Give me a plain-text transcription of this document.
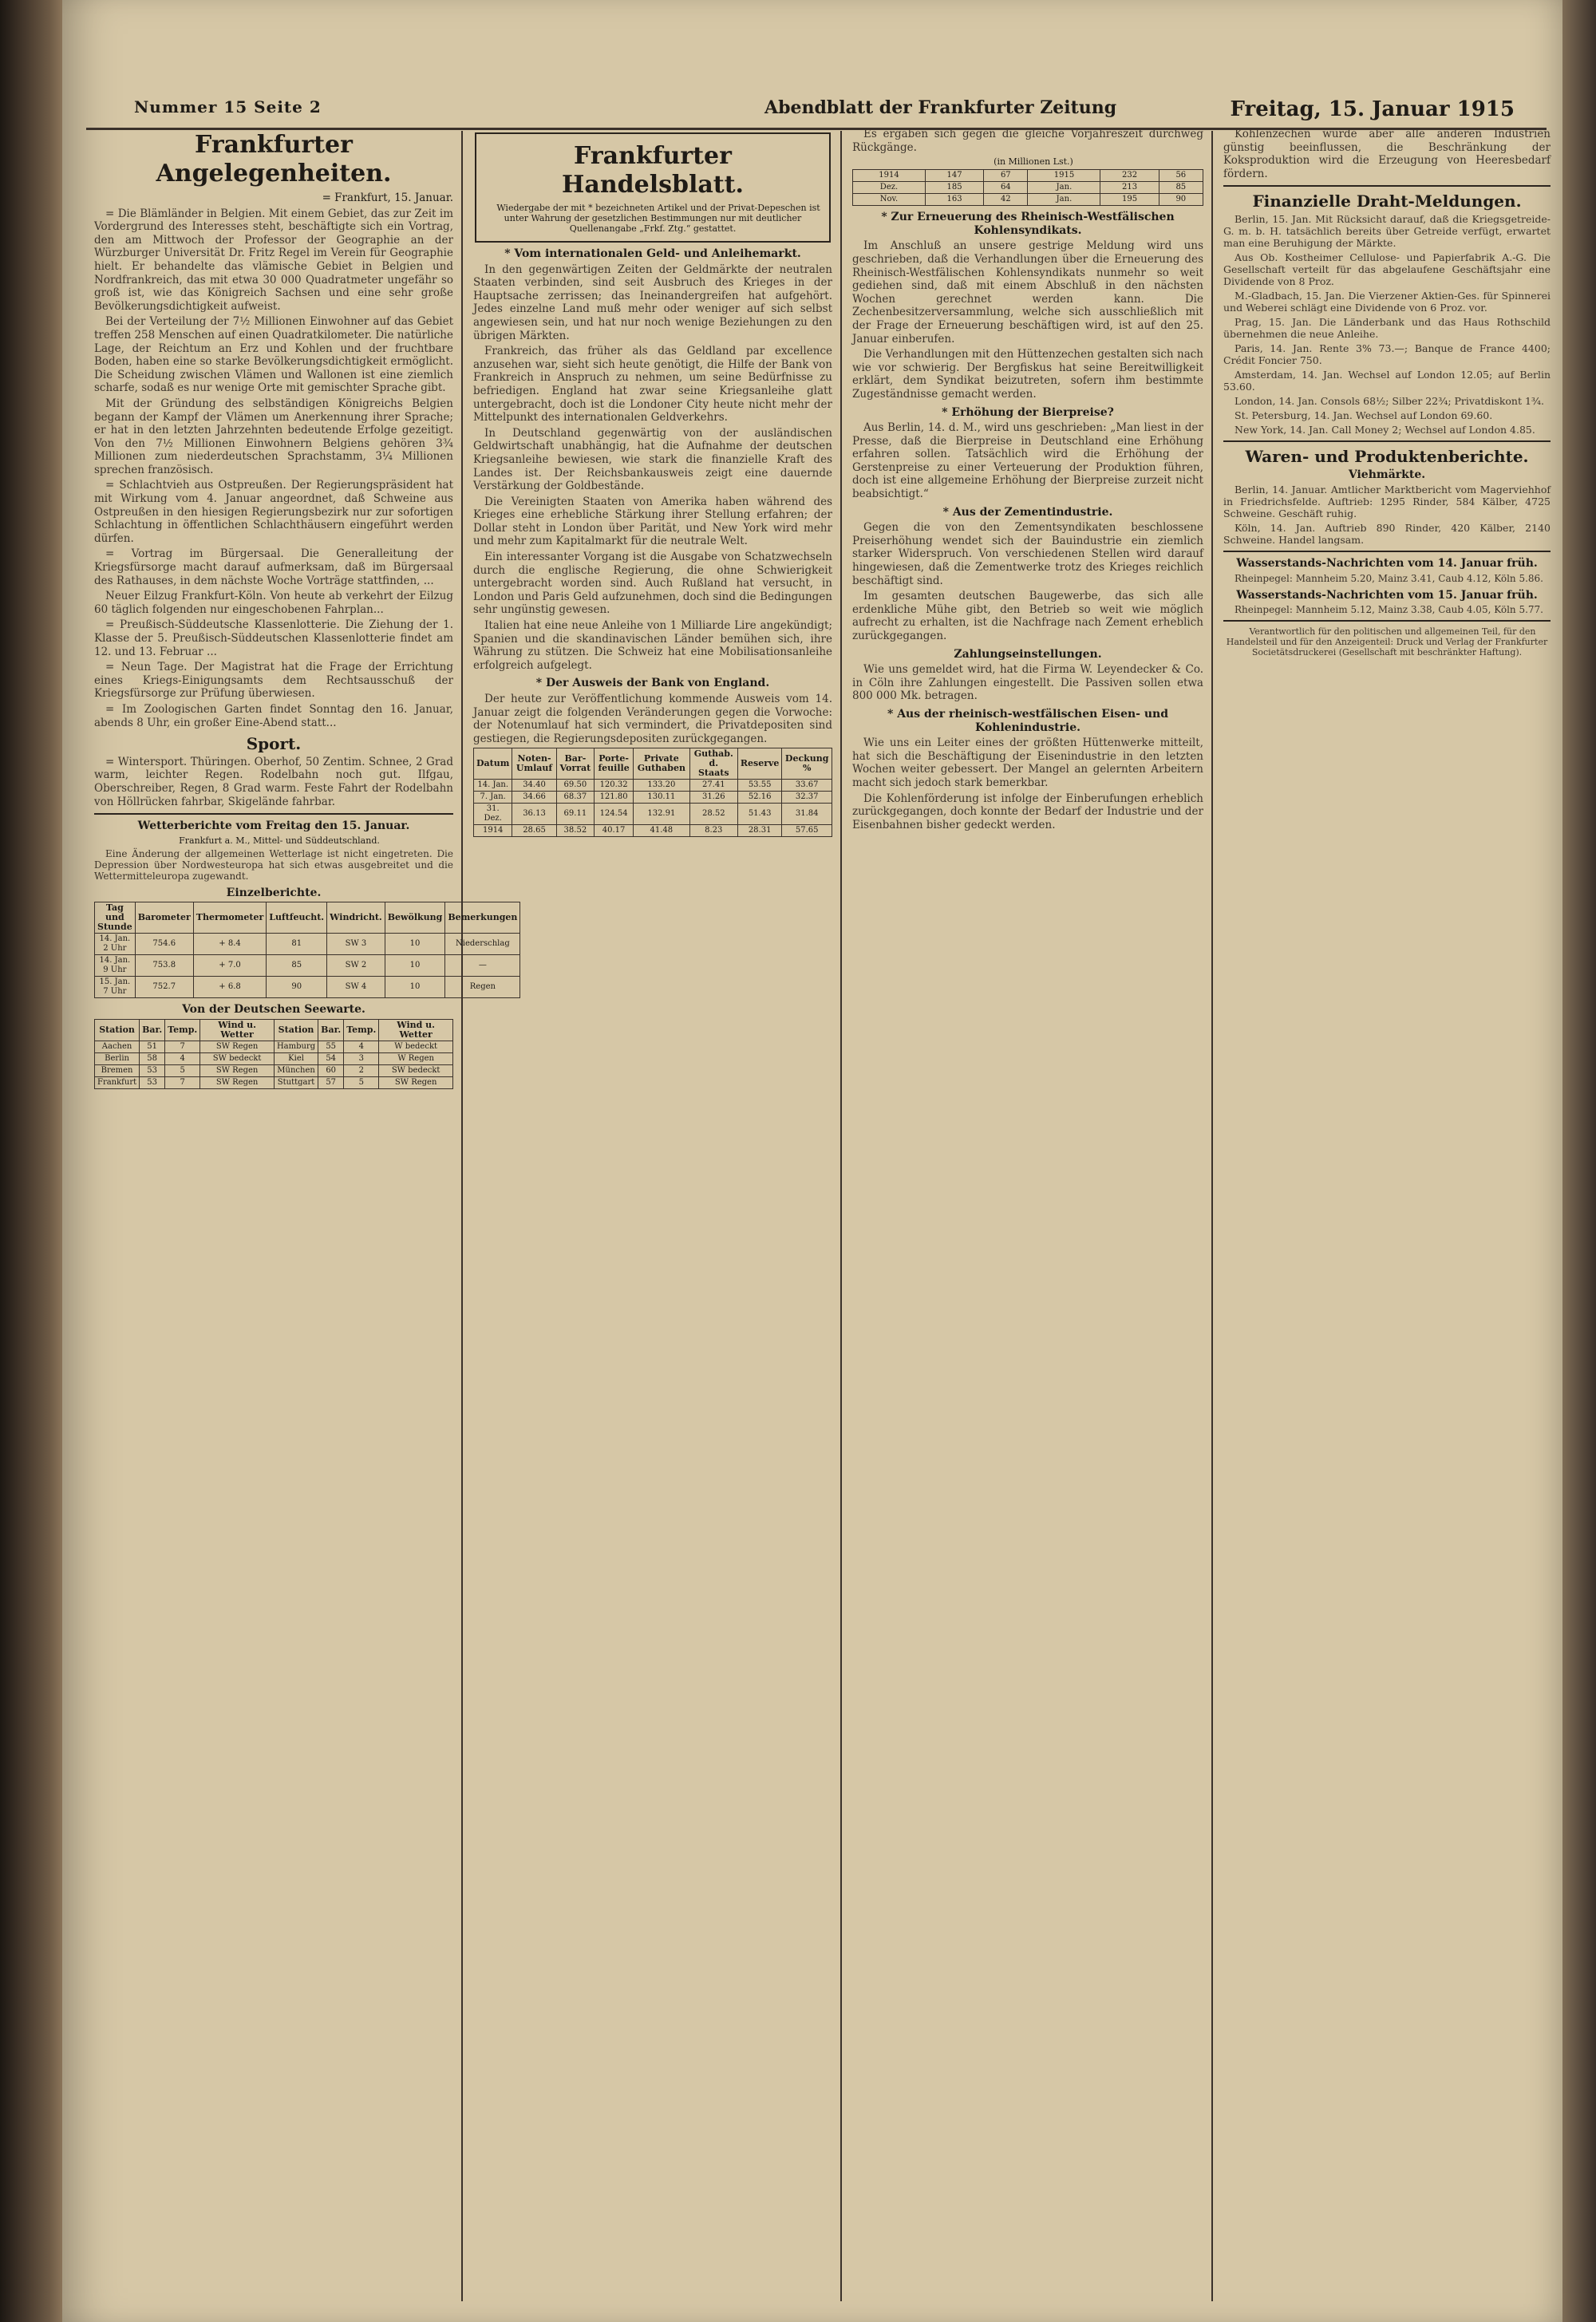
Nummer 15 Seite 2	Abendblatt der Frankfurter Zeitung	Freitag, 15. Januar 1915
Frankfurter Angelegenheiten.

= Frankfurt, 15. Januar.

= Die Blämländer in Belgien. Mit einem Gebiet, das zur Zeit im Vordergrund des Interesses steht, beschäftigte sich ein Vortrag, den am Mittwoch der Professor der Geographie an der Würzburger Universität Dr. Fritz Regel im Verein für Geographie hielt. Er behandelte das vlämische Gebiet in Belgien und Nordfrankreich, das mit etwa 30 000 Quadratmeter ungefähr so groß ist, wie das Königreich Sachsen und eine sehr große Bevölkerungsdichtigkeit aufweist.

Bei der Verteilung der 7½ Millionen Einwohner auf das Gebiet treffen 258 Menschen auf einen Quadratkilometer. Die natürliche Lage, der Reichtum an Erz und Kohlen und der fruchtbare Boden, haben eine so starke Bevölkerungsdichtigkeit ermöglicht. Die Scheidung zwischen Vlämen und Wallonen ist eine ziemlich scharfe, sodaß es nur wenige Orte mit gemischter Sprache gibt.

Mit der Gründung des selbständigen Königreichs Belgien begann der Kampf der Vlämen um Anerkennung ihrer Sprache; er hat in den letzten Jahrzehnten bedeutende Erfolge gezeitigt. Von den 7½ Millionen Einwohnern Belgiens gehören 3¾ Millionen zum niederdeutschen Sprachstamm, 3¼ Millionen sprechen französisch.

= Schlachtvieh aus Ostpreußen. Der Regierungspräsident hat mit Wirkung vom 4. Januar angeordnet, daß Schweine aus Ostpreußen in den hiesigen Regierungsbezirk nur zur sofortigen Schlachtung in öffentlichen Schlachthäusern eingeführt werden dürfen.

= Vortrag im Bürgersaal. Die Generalleitung der Kriegsfürsorge macht darauf aufmerksam, daß im Bürgersaal des Rathauses, in dem nächste Woche Vorträge stattfinden, ...

Neuer Eilzug Frankfurt-Köln. Von heute ab verkehrt der Eilzug 60 täglich folgenden nur eingeschobenen Fahrplan...

= Preußisch-Süddeutsche Klassenlotterie. Die Ziehung der 1. Klasse der 5. Preußisch-Süddeutschen Klassenlotterie findet am 12. und 13. Februar ...

= Neun Tage. Der Magistrat hat die Frage der Errichtung eines Kriegs-Einigungsamts dem Rechtsausschuß der Kriegsfürsorge zur Prüfung überwiesen.

= Im Zoologischen Garten findet Sonntag den 16. Januar, abends 8 Uhr, ein großer Eine-Abend statt...

Sport.

= Wintersport. Thüringen. Oberhof, 50 Zentim. Schnee, 2 Grad warm, leichter Regen. Rodelbahn noch gut. Ilfgau, Oberschreiber, Regen, 8 Grad warm. Feste Fahrt der Rodelbahn von Höllrücken fahrbar, Skigelände fahrbar.

Wetterberichte vom Freitag den 15. Januar.

Frankfurt a. M., Mittel- und Süddeutschland.

Eine Änderung der allgemeinen Wetterlage ist nicht eingetreten. Die Depression über Nordwesteuropa hat sich etwas ausgebreitet und die Wettermitteleuropa zugewandt.

Einzelberichte.
Tag und Stunde	Barometer	Thermometer	Luftfeucht.	Windricht.	Bewölkung	Bemerkungen
14. Jan. 2 Uhr	754.6	+ 8.4	81	SW 3	10	Niederschlag
14. Jan. 9 Uhr	753.8	+ 7.0	85	SW 2	10	—
15. Jan. 7 Uhr	752.7	+ 6.8	90	SW 4	10	Regen
Von der Deutschen Seewarte.
Station	Bar.	Temp.	Wind u. Wetter	Station	Bar.	Temp.	Wind u. Wetter
Aachen	51	7	SW Regen	Hamburg	55	4	W bedeckt
Berlin	58	4	SW bedeckt	Kiel	54	3	W Regen
Bremen	53	5	SW Regen	München	60	2	SW bedeckt
Frankfurt	53	7	SW Regen	Stuttgart	57	5	SW Regen
Frankfurter Handelsblatt.

Wiedergabe der mit * bezeichneten Artikel und der Privat-Depeschen ist unter Wahrung der gesetzlichen Bestimmungen nur mit deutlicher Quellenangabe „Frkf. Ztg.“ gestattet.

* Vom internationalen Geld- und Anleihemarkt.

In den gegenwärtigen Zeiten der Geldmärkte der neutralen Staaten verbinden, sind seit Ausbruch des Krieges in der Hauptsache zerrissen; das Ineinandergreifen hat aufgehört. Jedes einzelne Land muß mehr oder weniger auf sich selbst angewiesen sein, und hat nur noch wenige Beziehungen zu den übrigen Märkten.

Frankreich, das früher als das Geldland par excellence anzusehen war, sieht sich heute genötigt, die Hilfe der Bank von Frankreich in Anspruch zu nehmen, um seine Bedürfnisse zu befriedigen. England hat zwar seine Kriegsanleihe glatt untergebracht, doch ist die Londoner City heute nicht mehr der Mittelpunkt des internationalen Geldverkehrs.

In Deutschland gegenwärtig von der ausländischen Geldwirtschaft unabhängig, hat die Aufnahme der deutschen Kriegsanleihe bewiesen, wie stark die finanzielle Kraft des Landes ist. Der Reichsbankausweis zeigt eine dauernde Verstärkung der Goldbestände.

Die Vereinigten Staaten von Amerika haben während des Krieges eine erhebliche Stärkung ihrer Stellung erfahren; der Dollar steht in London über Parität, und New York wird mehr und mehr zum Kapitalmarkt für die neutrale Welt.

Ein interessanter Vorgang ist die Ausgabe von Schatzwechseln durch die englische Regierung, die ohne Schwierigkeit untergebracht worden sind. Auch Rußland hat versucht, in London und Paris Geld aufzunehmen, doch sind die Bedingungen sehr ungünstig gewesen.

Italien hat eine neue Anleihe von 1 Milliarde Lire angekündigt; Spanien und die skandinavischen Länder bemühen sich, ihre Währung zu stützen. Die Schweiz hat eine Mobilisationsanleihe erfolgreich aufgelegt.

* Der Ausweis der Bank von England.

Der heute zur Veröffentlichung kommende Ausweis vom 14. Januar zeigt die folgenden Veränderungen gegen die Vorwoche: der Notenumlauf hat sich vermindert, die Privatdepositen sind gestiegen, die Regierungsdepositen zurückgegangen.

Datum	Noten-Umlauf	Bar-Vorrat	Porte-feuille	Private Guthaben	Guthab. d. Staats	Reserve	Deckung %
14. Jan.	34.40	69.50	120.32	133.20	27.41	53.55	33.67
7. Jan.	34.66	68.37	121.80	130.11	31.26	52.16	32.37
31. Dez.	36.13	69.11	124.54	132.91	28.52	51.43	31.84
1914	28.65	38.52	40.17	41.48	8.23	28.31	57.65

Es ergaben sich gegen die gleiche Vorjahreszeit durchweg Rückgänge.

(in Millionen Lst.)

1914	147	67	1915	232	56
Dez.	185	64	Jan.	213	85
Nov.	163	42	Jan.	195	90
* Zur Erneuerung des Rheinisch-Westfälischen Kohlensyndikats.

Im Anschluß an unsere gestrige Meldung wird uns geschrieben, daß die Verhandlungen über die Erneuerung des Rheinisch-Westfälischen Kohlensyndikats nunmehr so weit gediehen sind, daß mit einem Abschluß in den nächsten Wochen gerechnet werden kann. Die Zechenbesitzerversammlung, welche sich ausschließlich mit der Frage der Erneuerung beschäftigen wird, ist auf den 25. Januar einberufen.

Die Verhandlungen mit den Hüttenzechen gestalten sich nach wie vor schwierig. Der Bergfiskus hat seine Bereitwilligkeit erklärt, dem Syndikat beizutreten, sofern ihm bestimmte Zugeständnisse gemacht werden.

* Erhöhung der Bierpreise?

Aus Berlin, 14. d. M., wird uns geschrieben: „Man liest in der Presse, daß die Bierpreise in Deutschland eine Erhöhung erfahren sollen. Tatsächlich wird die Erhöhung der Gerstenpreise zu einer Verteuerung der Produktion führen, doch ist eine allgemeine Erhöhung der Bierpreise zurzeit nicht beabsichtigt.“

* Aus der Zementindustrie.

Gegen die von den Zementsyndikaten beschlossene Preiserhöhung wendet sich der Bauindustrie ein ziemlich starker Widerspruch. Von verschiedenen Stellen wird darauf hingewiesen, daß die Zementwerke trotz des Krieges reichlich beschäftigt sind.

Im gesamten deutschen Baugewerbe, das sich alle erdenkliche Mühe gibt, den Betrieb so weit wie möglich aufrecht zu erhalten, ist die Nachfrage nach Zement erheblich zurückgegangen.

Zahlungseinstellungen.

Wie uns gemeldet wird, hat die Firma W. Leyendecker & Co. in Cöln ihre Zahlungen eingestellt. Die Passiven sollen etwa 800 000 Mk. betragen.

* Aus der rheinisch-westfälischen Eisen- und Kohlenindustrie.

Wie uns ein Leiter eines der größten Hüttenwerke mitteilt, hat sich die Beschäftigung der Eisenindustrie in den letzten Wochen weiter gebessert. Der Mangel an gelernten Arbeitern macht sich jedoch stark bemerkbar.

Die Kohlenförderung ist infolge der Einberufungen erheblich zurückgegangen, doch konnte der Bedarf der Industrie und der Eisenbahnen bisher gedeckt werden.

Kohlenzechen würde aber alle anderen Industrien günstig beeinflussen, die Beschränkung der Koksproduktion wird die Erzeugung von Heeresbedarf fördern.

Finanzielle Draht-Meldungen.

Berlin, 15. Jan. Mit Rücksicht darauf, daß die Kriegsgetreide-G. m. b. H. tatsächlich bereits über Getreide verfügt, erwartet man eine Beruhigung der Märkte.

Aus Ob. Kostheimer Cellulose- und Papierfabrik A.-G. Die Gesellschaft verteilt für das abgelaufene Geschäftsjahr eine Dividende von 8 Proz.

M.-Gladbach, 15. Jan. Die Vierzener Aktien-Ges. für Spinnerei und Weberei schlägt eine Dividende von 6 Proz. vor.

Prag, 15. Jan. Die Länderbank und das Haus Rothschild übernehmen die neue Anleihe.

Paris, 14. Jan. Rente 3% 73.—; Banque de France 4400; Crédit Foncier 750.

Amsterdam, 14. Jan. Wechsel auf London 12.05; auf Berlin 53.60.

London, 14. Jan. Consols 68½; Silber 22¾; Privatdiskont 1¾.

St. Petersburg, 14. Jan. Wechsel auf London 69.60.

New York, 14. Jan. Call Money 2; Wechsel auf London 4.85.

Waren- und Produktenberichte.
Viehmärkte.

Berlin, 14. Januar. Amtlicher Marktbericht vom Magerviehhof in Friedrichsfelde. Auftrieb: 1295 Rinder, 584 Kälber, 4725 Schweine. Geschäft ruhig.

Köln, 14. Jan. Auftrieb 890 Rinder, 420 Kälber, 2140 Schweine. Handel langsam.

Wasserstands-Nachrichten vom 14. Januar früh.

Rheinpegel: Mannheim 5.20, Mainz 3.41, Caub 4.12, Köln 5.86.

Wasserstands-Nachrichten vom 15. Januar früh.

Rheinpegel: Mannheim 5.12, Mainz 3.38, Caub 4.05, Köln 5.77.

Verantwortlich für den politischen und allgemeinen Teil, für den Handelsteil und für den Anzeigenteil: Druck und Verlag der Frankfurter Societätsdruckerei (Gesellschaft mit beschränkter Haftung).
